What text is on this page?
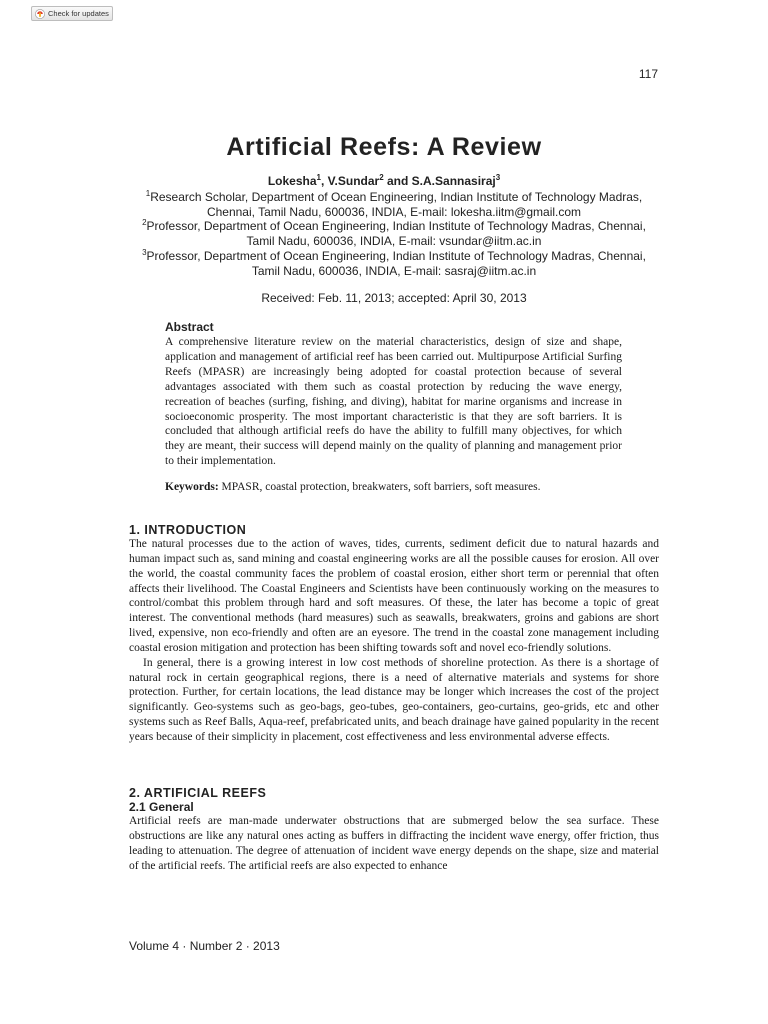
Check for updates
117
Artificial Reefs: A Review
Lokesha$^1$, V.Sundar$^2$ and S.A.Sannasiraj$^3$

$^1$Research Scholar, Department of Ocean Engineering, Indian Institute of Technology Madras, Chennai, Tamil Nadu, 600036, INDIA, E-mail: lokesha.iitm@gmail.com

$^2$Professor, Department of Ocean Engineering, Indian Institute of Technology Madras, Chennai, Tamil Nadu, 600036, INDIA, E-mail: vsundar@iitm.ac.in

$^3$Professor, Department of Ocean Engineering, Indian Institute of Technology Madras, Chennai, Tamil Nadu, 600036, INDIA, E-mail: sasraj@iitm.ac.in

Received: Feb. 11, 2013; accepted: April 30, 2013
Abstract

A comprehensive literature review on the material characteristics, design of size and shape, application and management of artificial reef has been carried out. Multipurpose Artificial Surfing Reefs (MPASR) are increasingly being adopted for coastal protection because of several advantages associated with them such as coastal protection by reducing the wave energy, recreation of beaches (surfing, fishing, and diving), habitat for marine organisms and increase in socioeconomic prosperity. The most important characteristic is that they are soft barriers. It is concluded that although artificial reefs do have the ability to fulfill many objectives, for which they are meant, their success will depend mainly on the quality of planning and management prior to their implementation.

Keywords: MPASR, coastal protection, breakwaters, soft barriers, soft measures.

1. INTRODUCTION

The natural processes due to the action of waves, tides, currents, sediment deficit due to natural hazards and human impact such as, sand mining and coastal engineering works are all the possible causes for erosion. All over the world, the coastal community faces the problem of coastal erosion, either short term or perennial that often affects their livelihood. The Coastal Engineers and Scientists have been continuously working on the measures to control/combat this problem through hard and soft measures. Of these, the later has become a topic of great interest. The conventional methods (hard measures) such as seawalls, breakwaters, groins and gabions are short lived, expensive, non eco-friendly and often are an eyesore. The trend in the coastal zone management including coastal erosion mitigation and protection has been shifting towards soft and novel eco-friendly solutions.

In general, there is a growing interest in low cost methods of shoreline protection. As there is a shortage of natural rock in certain geographical regions, there is a need of alternative materials and systems for shore protection. Further, for certain locations, the lead distance may be longer which increases the cost of the project significantly. Geo-systems such as geo-bags, geo-tubes, geo-containers, geo-curtains, geo-grids, etc and other systems such as Reef Balls, Aqua-reef, prefabricated units, and beach drainage have gained popularity in the recent years because of their simplicity in placement, cost effectiveness and less environmental adverse effects.

2. ARTIFICIAL REEFS
2.1 General

Artificial reefs are man-made underwater obstructions that are submerged below the sea surface. These obstructions are like any natural ones acting as buffers in diffracting the incident wave energy, offer friction, thus leading to attenuation. The degree of attenuation of incident wave energy depends on the shape, size and material of the artificial reefs. The artificial reefs are also expected to enhance

Volume 4 · Number 2 · 2013
